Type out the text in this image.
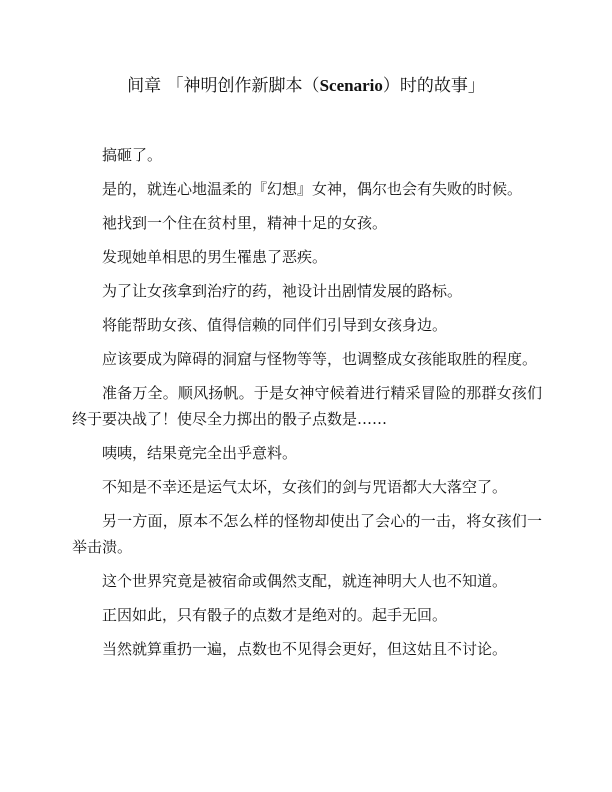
间章 「神明创作新脚本（Scenario）时的故事」

搞砸了。

是的，就连心地温柔的『幻想』女神，偶尔也会有失败的时候。

祂找到一个住在贫村里，精神十足的女孩。

发现她单相思的男生罹患了恶疾。

为了让女孩拿到治疗的药，祂设计出剧情发展的路标。

将能帮助女孩、值得信赖的同伴们引导到女孩身边。

应该要成为障碍的洞窟与怪物等等，也调整成女孩能取胜的程度。

准备万全。顺风扬帆。于是女神守候着进行精采冒险的那群女孩们终于要决战了！使尽全力掷出的骰子点数是……

咦咦，结果竟完全出乎意料。

不知是不幸还是运气太坏，女孩们的剑与咒语都大大落空了。

另一方面，原本不怎么样的怪物却使出了会心的一击，将女孩们一举击溃。

这个世界究竟是被宿命或偶然支配，就连神明大人也不知道。

正因如此，只有骰子的点数才是绝对的。起手无回。

当然就算重扔一遍，点数也不见得会更好，但这姑且不讨论。
